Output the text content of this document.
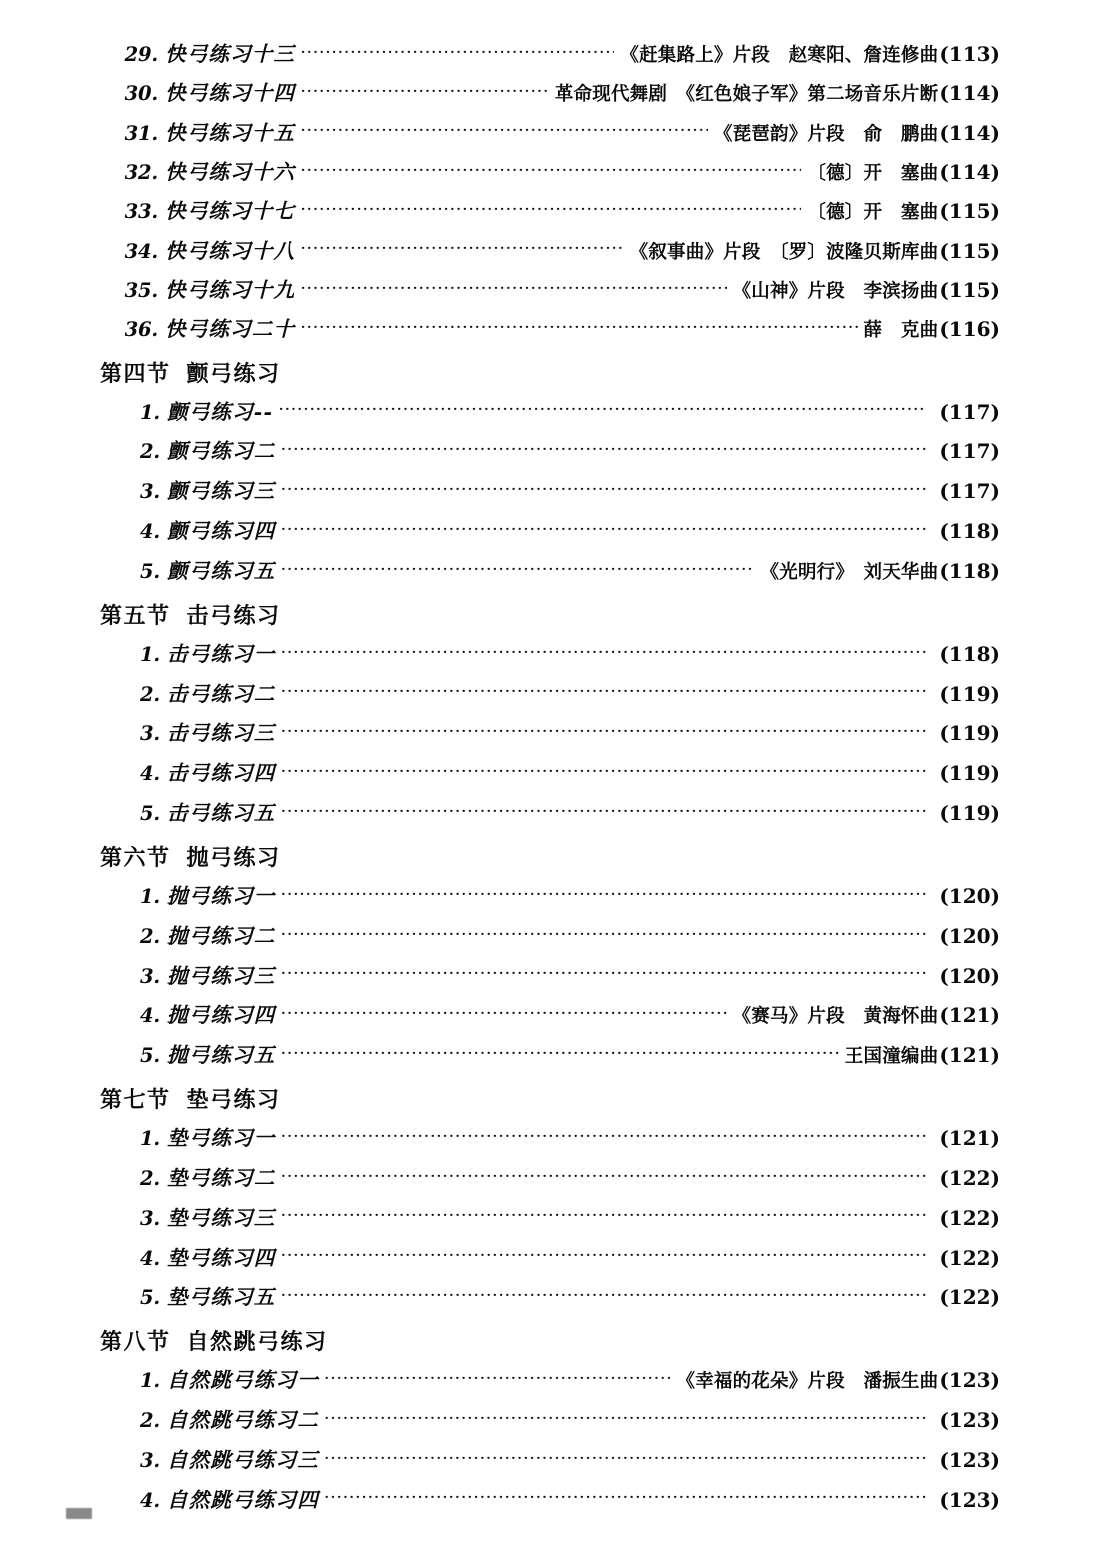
29. 快弓练习十三 ·····	《赶集路上》片段　赵寒阳、詹连修曲 (113)
30. 快弓练习十四 ·····	革命现代舞剧　《红色娘子军》第二场音乐片断 (114)
31. 快弓练习十五 ·····	《琵琶韵》片段　俞　鹏曲 (114)
32. 快弓练习十六 ·····	〔德〕开　塞曲 (114)
33. 快弓练习十七 ·····	〔德〕开　塞曲 (115)
34. 快弓练习十八 ·····	《叙事曲》片段　〔罗〕波隆贝斯库曲 (115)
35. 快弓练习十九 ·····	《山神》片段　李滨扬曲 (115)
36. 快弓练习二十 ·····	薛　克曲 (116)
第四节 颤弓练习
1. 颤弓练习-- ·····	(117)
2. 颤弓练习二 ·····	(117)
3. 颤弓练习三 ·····	(117)
4. 颤弓练习四 ·····	(118)
5. 颤弓练习五 ·····	《光明行》　刘天华曲 (118)
第五节 击弓练习
1. 击弓练习一 ·····	(118)
2. 击弓练习二 ·····	(119)
3. 击弓练习三 ·····	(119)
4. 击弓练习四 ·····	(119)
5. 击弓练习五 ·····	(119)
第六节 抛弓练习
1. 抛弓练习一 ·····	(120)
2. 抛弓练习二 ·····	(120)
3. 抛弓练习三 ·····	(120)
4. 抛弓练习四 ·····	《赛马》片段　黄海怀曲 (121)
5. 抛弓练习五 ·····	王国潼编曲 (121)
第七节 垫弓练习
1. 垫弓练习一 ·····	(121)
2. 垫弓练习二 ·····	(122)
3. 垫弓练习三 ·····	(122)
4. 垫弓练习四 ·····	(122)
5. 垫弓练习五 ·····	(122)
第八节 自然跳弓练习
1. 自然跳弓练习一 ·····	《幸福的花朵》片段　潘振生曲 (123)
2. 自然跳弓练习二 ·····	(123)
3. 自然跳弓练习三 ·····	(123)
4. 自然跳弓练习四 ·····	(123)
